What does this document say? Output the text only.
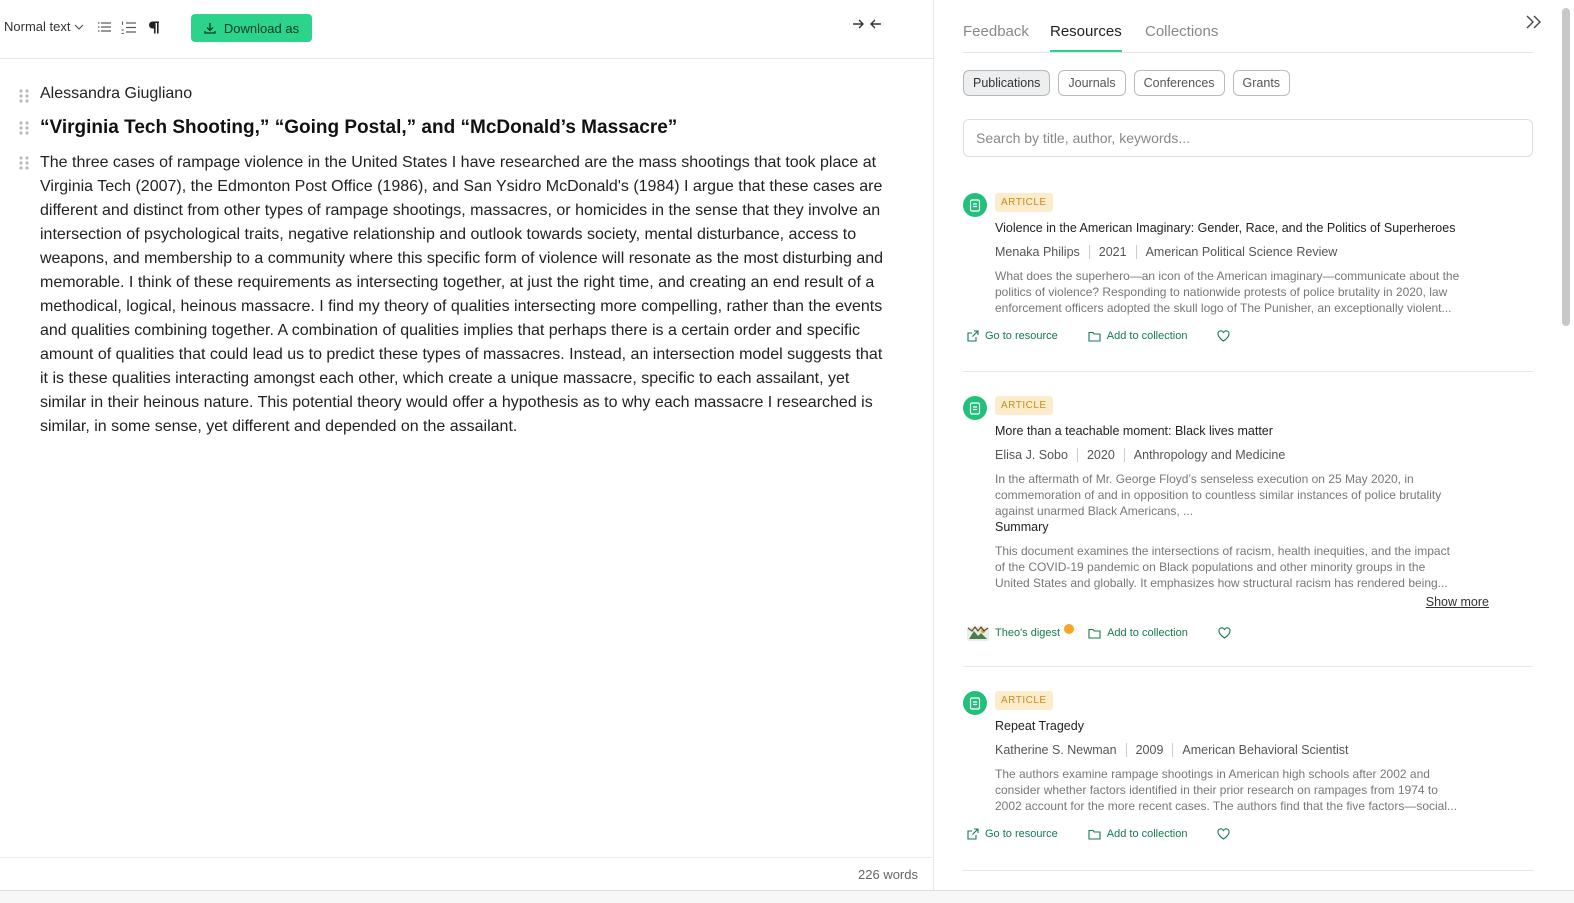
Normal text	Download as
Alessandra Giugliano
“Virginia Tech Shooting,” “Going Postal,” and “McDonald’s Massacre”
The three cases of rampage violence in the United States I have researched are the mass shootings that took place at
Virginia Tech (2007), the Edmonton Post Office (1986), and San Ysidro McDonald's (1984) I argue that these cases are
different and distinct from other types of rampage shootings, massacres, or homicides in the sense that they involve an
intersection of psychological traits, negative relationship and outlook towards society, mental disturbance, access to
weapons, and membership to a community where this specific form of violence will resonate as the most disturbing and
memorable. I think of these requirements as intersecting together, at just the right time, and creating an end result of a
methodical, logical, heinous massacre. I find my theory of qualities intersecting more compelling, rather than the events
and qualities combining together. A combination of qualities implies that perhaps there is a certain order and specific
amount of qualities that could lead us to predict these types of massacres. Instead, an intersection model suggests that
it is these qualities interacting amongst each other, which create a unique massacre, specific to each assailant, yet
similar in their heinous nature. This potential theory would offer a hypothesis as to why each massacre I researched is
similar, in some sense, yet different and depended on the assailant.
226 words
Feedback Resources Collections
Publications	Journals	Conferences	Grants
Search by title, author, keywords...
ARTICLE
Violence in the American Imaginary: Gender, Race, and the Politics of Superheroes
Menaka Philips 2021 American Political Science Review
What does the superhero—an icon of the American imaginary—communicate about the
politics of violence? Responding to nationwide protests of police brutality in 2020, law
enforcement officers adopted the skull logo of The Punisher, an exceptionally violent...
Go to resource	Add to collection
ARTICLE
More than a teachable moment: Black lives matter
Elisa J. Sobo 2020 Anthropology and Medicine
In the aftermath of Mr. George Floyd’s senseless execution on 25 May 2020, in
commemoration of and in opposition to countless similar instances of police brutality
against unarmed Black Americans, ...
Summary
This document examines the intersections of racism, health inequities, and the impact
of the COVID-19 pandemic on Black populations and other minority groups in the
United States and globally. It emphasizes how structural racism has rendered being...
Show more
Theo's digest	Add to collection
ARTICLE
Repeat Tragedy
Katherine S. Newman 2009 American Behavioral Scientist
The authors examine rampage shootings in American high schools after 2002 and
consider whether factors identified in their prior research on rampages from 1974 to
2002 account for the more recent cases. The authors find that the five factors—social...
Go to resource	Add to collection
